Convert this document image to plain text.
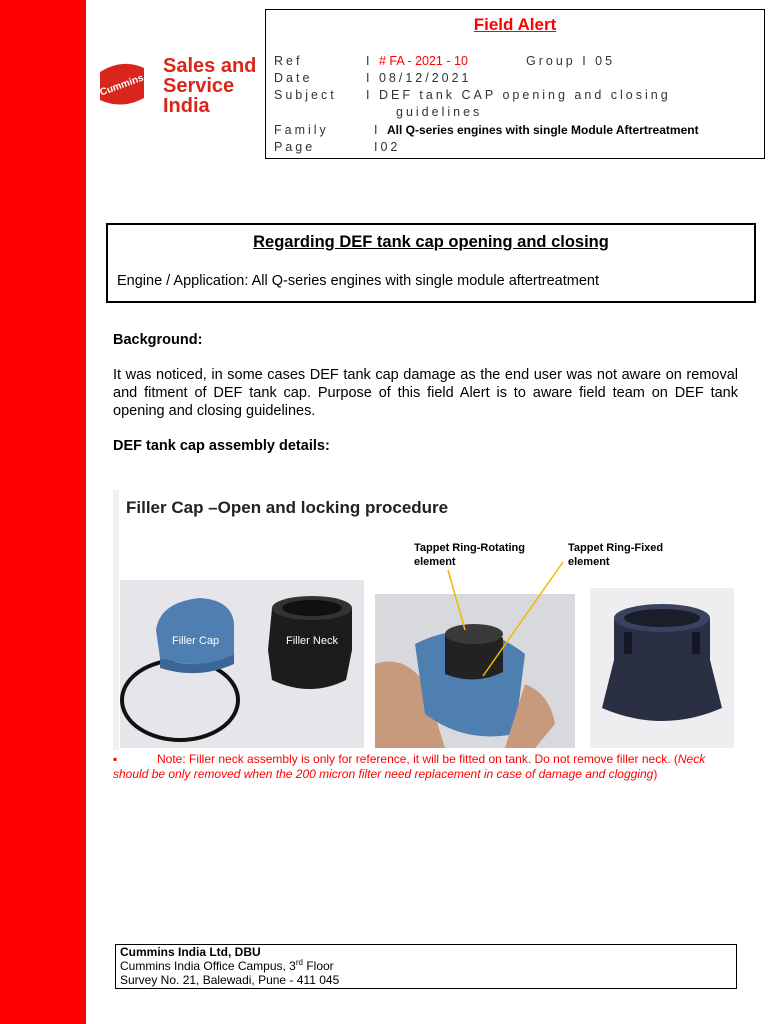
Cummins
Sales and
Service
India
Field Alert
Ref	I # FA - 2021 - 10	Group I 05
Date	I 08/12/2021
Subject I DEF tank CAP opening and closing
guidelines
Family	I All Q-series engines with single Module Aftertreatment
Page	I02
Regarding DEF tank cap opening and closing
Engine / Application: All Q-series engines with single module aftertreatment
Background:
It was noticed, in some cases DEF tank cap damage as the end user was not aware on removal and fitment of DEF tank cap. Purpose of this field Alert is to aware field team on DEF tank opening and closing guidelines.
DEF tank cap assembly details:
Filler Cap –Open and locking procedure
Tappet Ring-Rotating
element
Tappet Ring-Fixed
element
Filler Cap	Filler Neck
▪	Note: Filler neck assembly is only for reference, it will be fitted on tank. Do not remove filler neck. (Neck should be only removed when the 200 micron filter need replacement in case of damage and clogging)
Cummins India Ltd, DBU
Cummins India Office Campus, 3rd Floor
Survey No. 21, Balewadi, Pune - 411 045
